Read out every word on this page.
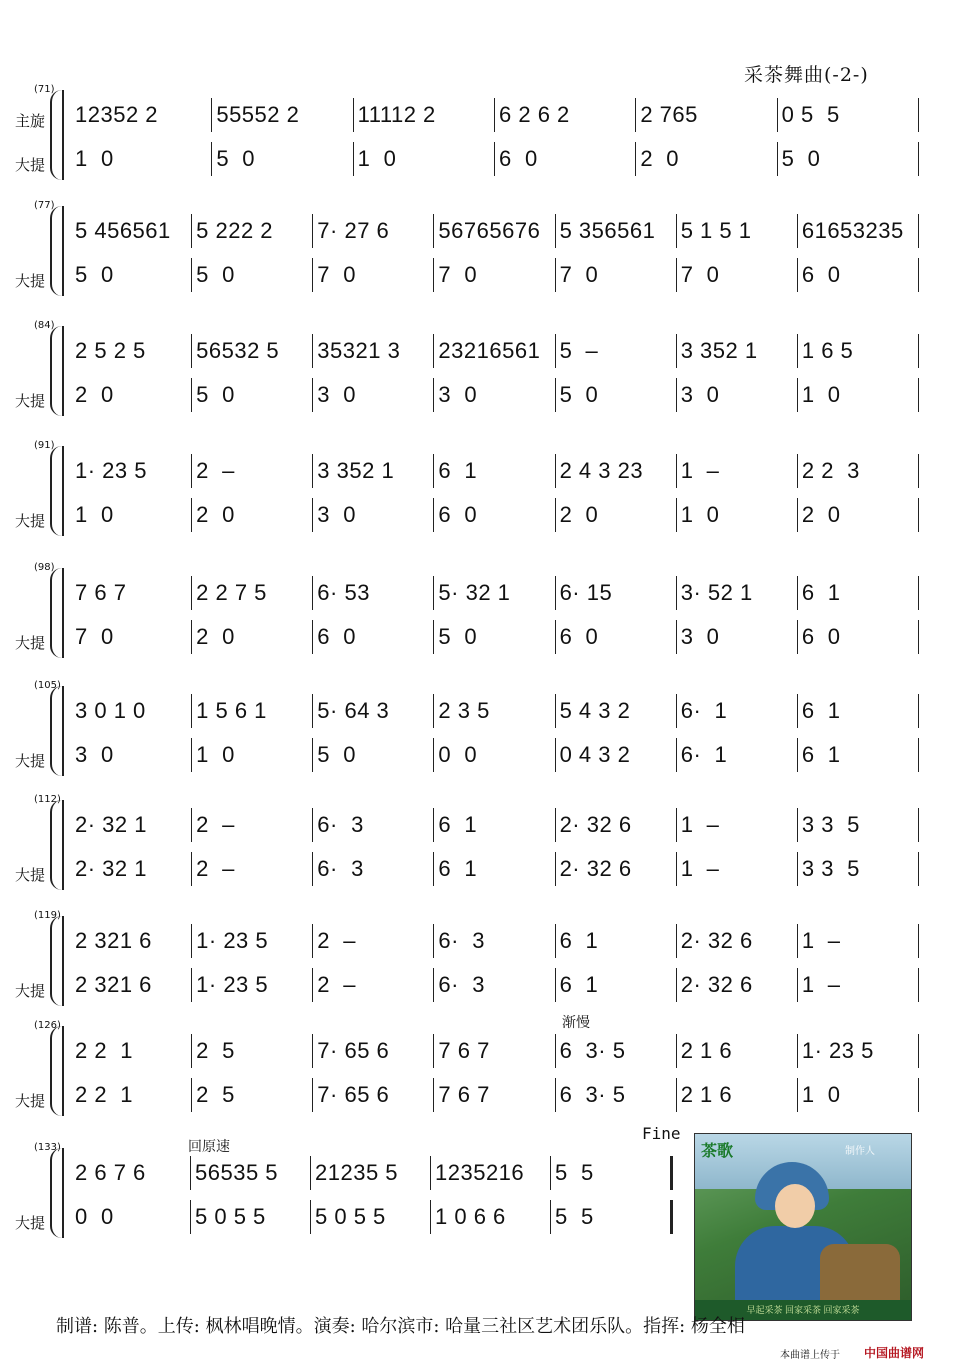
采茶舞曲(-2-)
(71)
主旋
大提
12352 2
1  0
55552 2
5  0
11112 2
1  0
6 2 6 2
6  0
2 765
2  0
0 5  5
5  0
(77)
大提
5 456561
5  0
5 222 2
5  0
7· 27 6
7  0
56765676
7  0
5 356561
7  0
5 1 5 1
7  0
61653235
6  0
(84)
大提
2 5 2 5
2  0
56532 5
5  0
35321 3
3  0
23216561
3  0
5  –
5  0
3 352 1
3  0
1 6 5
1  0
(91)
大提
1· 23 5
1  0
2  –
2  0
3 352 1
3  0
6  1
6  0
2 4 3 23
2  0
1  –
1  0
2 2  3
2  0
(98)
大提
7 6 7
7  0
2 2 7 5
2  0
6· 53
6  0
5· 32 1
5  0
6· 15
6  0
3· 52 1
3  0
6  1
6  0
(105)
大提
3 0 1 0
3  0
1 5 6 1
1  0
5· 64 3
5  0
2 3 5
0  0
5 4 3 2
0 4 3 2
6·  1
6·  1
6  1
6  1
(112)
大提
2· 32 1
2· 32 1
2  –
2  –
6·  3
6·  3
6  1
6  1
2· 32 6
2· 32 6
1  –
1  –
3 3  5
3 3  5
(119)
大提
2 321 6
2 321 6
1· 23 5
1· 23 5
2  –
2  –
6·  3
6·  3
6  1
6  1
2· 32 6
2· 32 6
1  –
1  –
(126)
大提
2 2  1
2 2  1
2  5
2  5
7· 65 6
7· 65 6
7 6 7
7 6 7
6  3· 5
6  3· 5
2 1 6
2 1 6
1· 23 5
1  0
(133)
大提
2 6 7 6
0  0
56535 5
5 0 5 5
21235 5
5 0 5 5
1235216
1 0 6 6
5  5
5  5
渐慢
回原速
Fine
茶歌	制作人
早起采茶 回家采茶 回家采茶
制谱: 陈普。上传: 枫林唱晚情。演奏: 哈尔滨市: 哈量三社区艺术团乐队。指挥: 杨全相
本曲谱上传于 中国曲谱网
